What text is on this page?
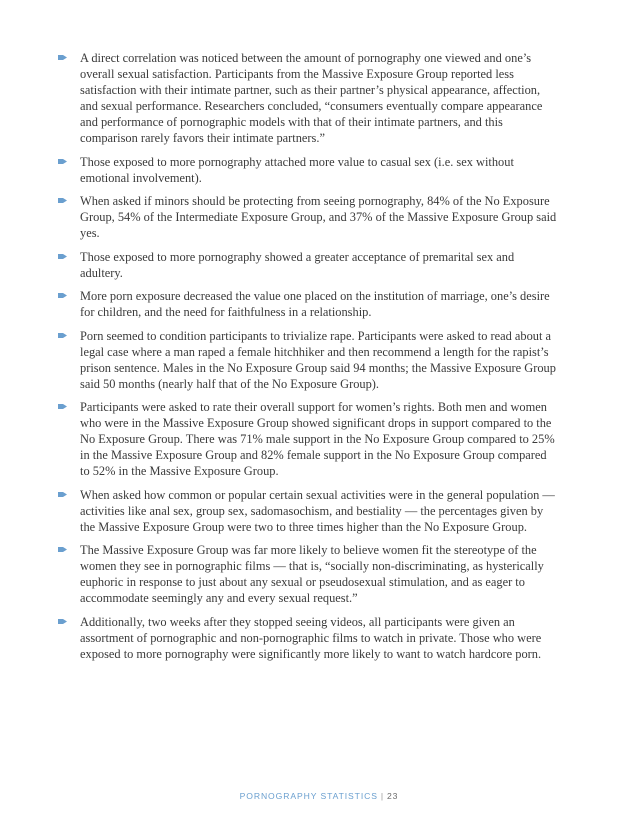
A direct correlation was noticed between the amount of pornography one viewed and one’s overall sexual satisfaction. Participants from the Massive Exposure Group reported less satisfaction with their intimate partner, such as their partner’s physical appearance, affection, and sexual performance. Researchers concluded, “consumers eventually compare appearance and performance of pornographic models with that of their intimate partners, and this comparison rarely favors their intimate partners.”
Those exposed to more pornography attached more value to casual sex (i.e. sex without emotional involvement).
When asked if minors should be protecting from seeing pornography, 84% of the No Exposure Group, 54% of the Intermediate Exposure Group, and 37% of the Massive Exposure Group said yes.
Those exposed to more pornography showed a greater acceptance of premarital sex and adultery.
More porn exposure decreased the value one placed on the institution of marriage, one’s desire for children, and the need for faithfulness in a relationship.
Porn seemed to condition participants to trivialize rape. Participants were asked to read about a legal case where a man raped a female hitchhiker and then recommend a length for the rapist’s prison sentence. Males in the No Exposure Group said 94 months; the Massive Exposure Group said 50 months (nearly half that of the No Exposure Group).
Participants were asked to rate their overall support for women’s rights. Both men and women who were in the Massive Exposure Group showed significant drops in support compared to the No Exposure Group. There was 71% male support in the No Exposure Group compared to 25% in the Massive Exposure Group and 82% female support in the No Exposure Group compared to 52% in the Massive Exposure Group.
When asked how common or popular certain sexual activities were in the general population — activities like anal sex, group sex, sadomasochism, and bestiality — the percentages given by the Massive Exposure Group were two to three times higher than the No Exposure Group.
The Massive Exposure Group was far more likely to believe women fit the stereotype of the women they see in pornographic films — that is, “socially non-discriminating, as hysterically euphoric in response to just about any sexual or pseudosexual stimulation, and as eager to accommodate seemingly any and every sexual request.”
Additionally, two weeks after they stopped seeing videos, all participants were given an assortment of pornographic and non-pornographic films to watch in private. Those who were exposed to more pornography were significantly more likely to want to watch hardcore porn.
PORNOGRAPHY STATISTICS | 23
